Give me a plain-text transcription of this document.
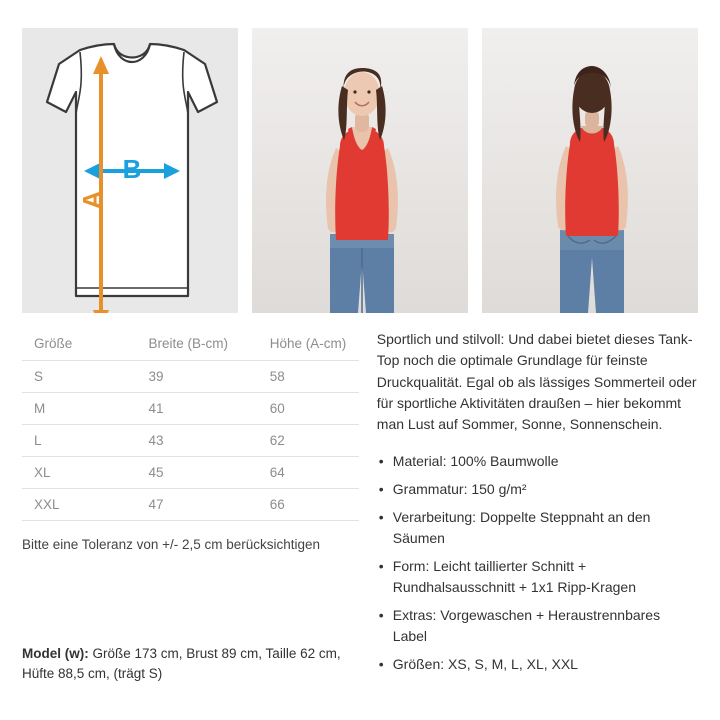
B
A
Größe	Breite (B-cm)	Höhe (A-cm)
S	39	58
M	41	60
L	43	62
XL	45	64
XXL	47	66
Bitte eine Toleranz von +/- 2,5 cm berücksichtigen

Sportlich und stilvoll: Und dabei bietet dieses Tank-Top noch die optimale Grundlage für feinste Druckqualität. Egal ob als lässiges Sommerteil oder für sportliche Aktivitäten draußen – hier bekommt man Lust auf Sommer, Sonne, Sonnenschein.

• Material: 100% Baumwolle
• Grammatur: 150 g/m²
• Verarbeitung: Doppelte Steppnaht an den Säumen
• Form: Leicht taillierter Schnitt + Rundhalsausschnitt + 1x1 Ripp-Kragen
• Extras: Vorgewaschen + Heraustrennbares Label
• Größen: XS, S, M, L, XL, XXL
Model (w): Größe 173 cm, Brust 89 cm, Taille 62 cm, Hüfte 88,5 cm, (trägt S)
